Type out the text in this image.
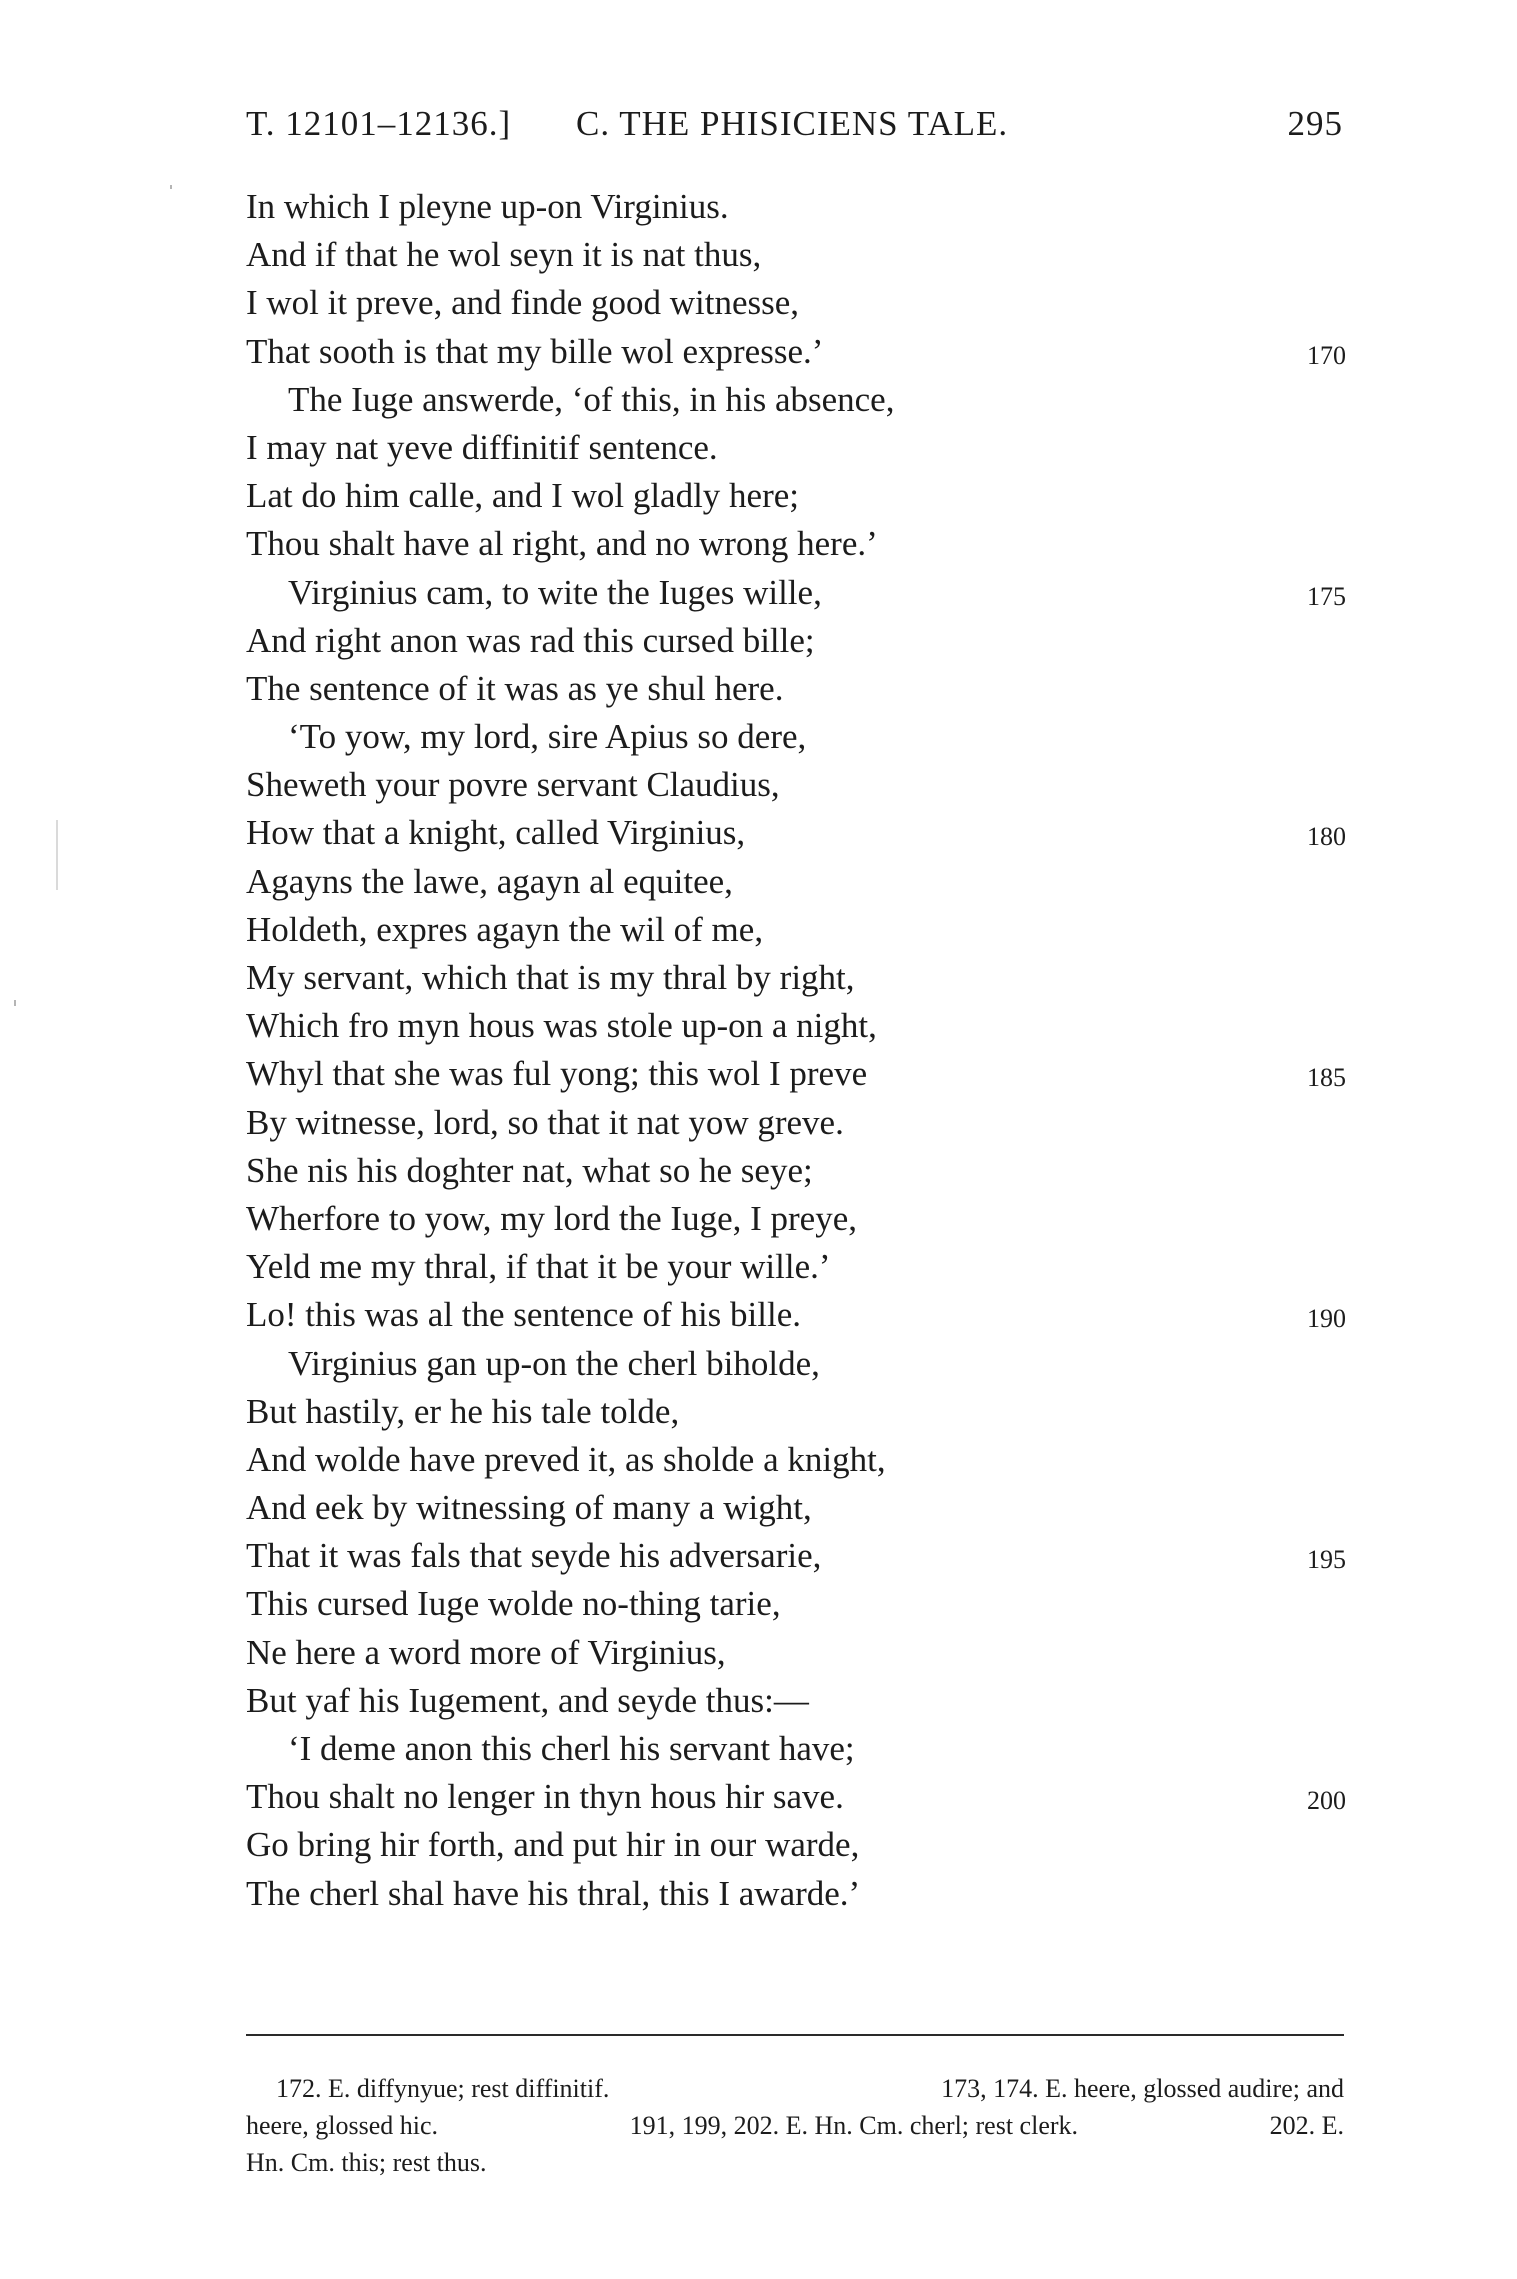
T. 12101–12136.] C. THE PHISICIENS TALE.	295
In which I pleyne up-on Virginius.
And if that he wol seyn it is nat thus,
I wol it preve, and finde good witnesse,
That sooth is that my bille wol expresse.’	170
The Iuge answerde, ‘of this, in his absence,
I may nat yeve diffinitif sentence.
Lat do him calle, and I wol gladly here;
Thou shalt have al right, and no wrong here.’
Virginius cam, to wite the Iuges wille,	175
And right anon was rad this cursed bille;
The sentence of it was as ye shul here.
‘To yow, my lord, sire Apius so dere,
Sheweth your povre servant Claudius,
How that a knight, called Virginius,	180
Agayns the lawe, agayn al equitee,
Holdeth, expres agayn the wil of me,
My servant, which that is my thral by right,
Which fro myn hous was stole up-on a night,
Whyl that she was ful yong; this wol I preve	185
By witnesse, lord, so that it nat yow greve.
She nis his doghter nat, what so he seye;
Wherfore to yow, my lord the Iuge, I preye,
Yeld me my thral, if that it be your wille.’
Lo! this was al the sentence of his bille.	190
Virginius gan up-on the cherl biholde,
But hastily, er he his tale tolde,
And wolde have preved it, as sholde a knight,
And eek by witnessing of many a wight,
That it was fals that seyde his adversarie,	195
This cursed Iuge wolde no-thing tarie,
Ne here a word more of Virginius,
But yaf his Iugement, and seyde thus:—
‘I deme anon this cherl his servant have;
Thou shalt no lenger in thyn hous hir save.	200
Go bring hir forth, and put hir in our warde,
The cherl shal have his thral, this I awarde.’
172. E. diffynyue; rest diffinitif.	173, 174. E. heere, glossed audire; and
heere, glossed hic.	191, 199, 202. E. Hn. Cm. cherl; rest clerk.	202. E.
Hn. Cm. this; rest thus.
